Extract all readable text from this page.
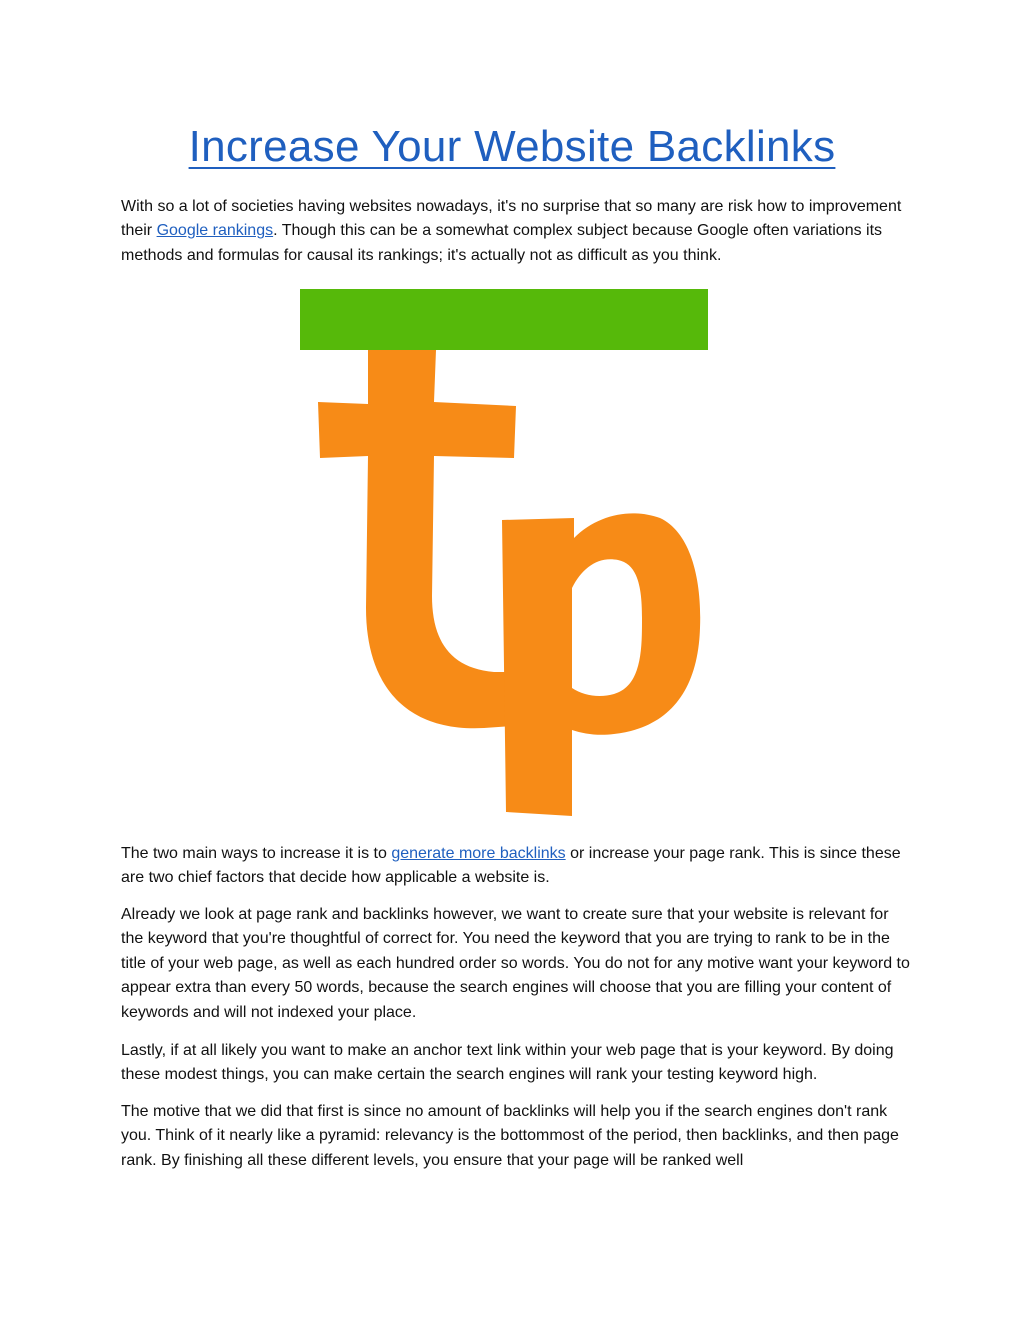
Increase Your Website Backlinks

With so a lot of societies having websites nowadays, it's no surprise that so many are risk how to improvement their Google rankings. Though this can be a somewhat complex subject because Google often variations its methods and formulas for causal its rankings; it's actually not as difficult as you think.

The two main ways to increase it is to generate more backlinks or increase your page rank. This is since these are two chief factors that decide how applicable a website is.

Already we look at page rank and backlinks however, we want to create sure that your website is relevant for the keyword that you're thoughtful of correct for. You need the keyword that you are trying to rank to be in the title of your web page, as well as each hundred order so words. You do not for any motive want your keyword to appear extra than every 50 words, because the search engines will choose that you are filling your content of keywords and will not indexed your place.

Lastly, if at all likely you want to make an anchor text link within your web page that is your keyword. By doing these modest things, you can make certain the search engines will rank your testing keyword high.

The motive that we did that first is since no amount of backlinks will help you if the search engines don't rank you. Think of it nearly like a pyramid: relevancy is the bottommost of the period, then backlinks, and then page rank. By finishing all these different levels, you ensure that your page will be ranked well
